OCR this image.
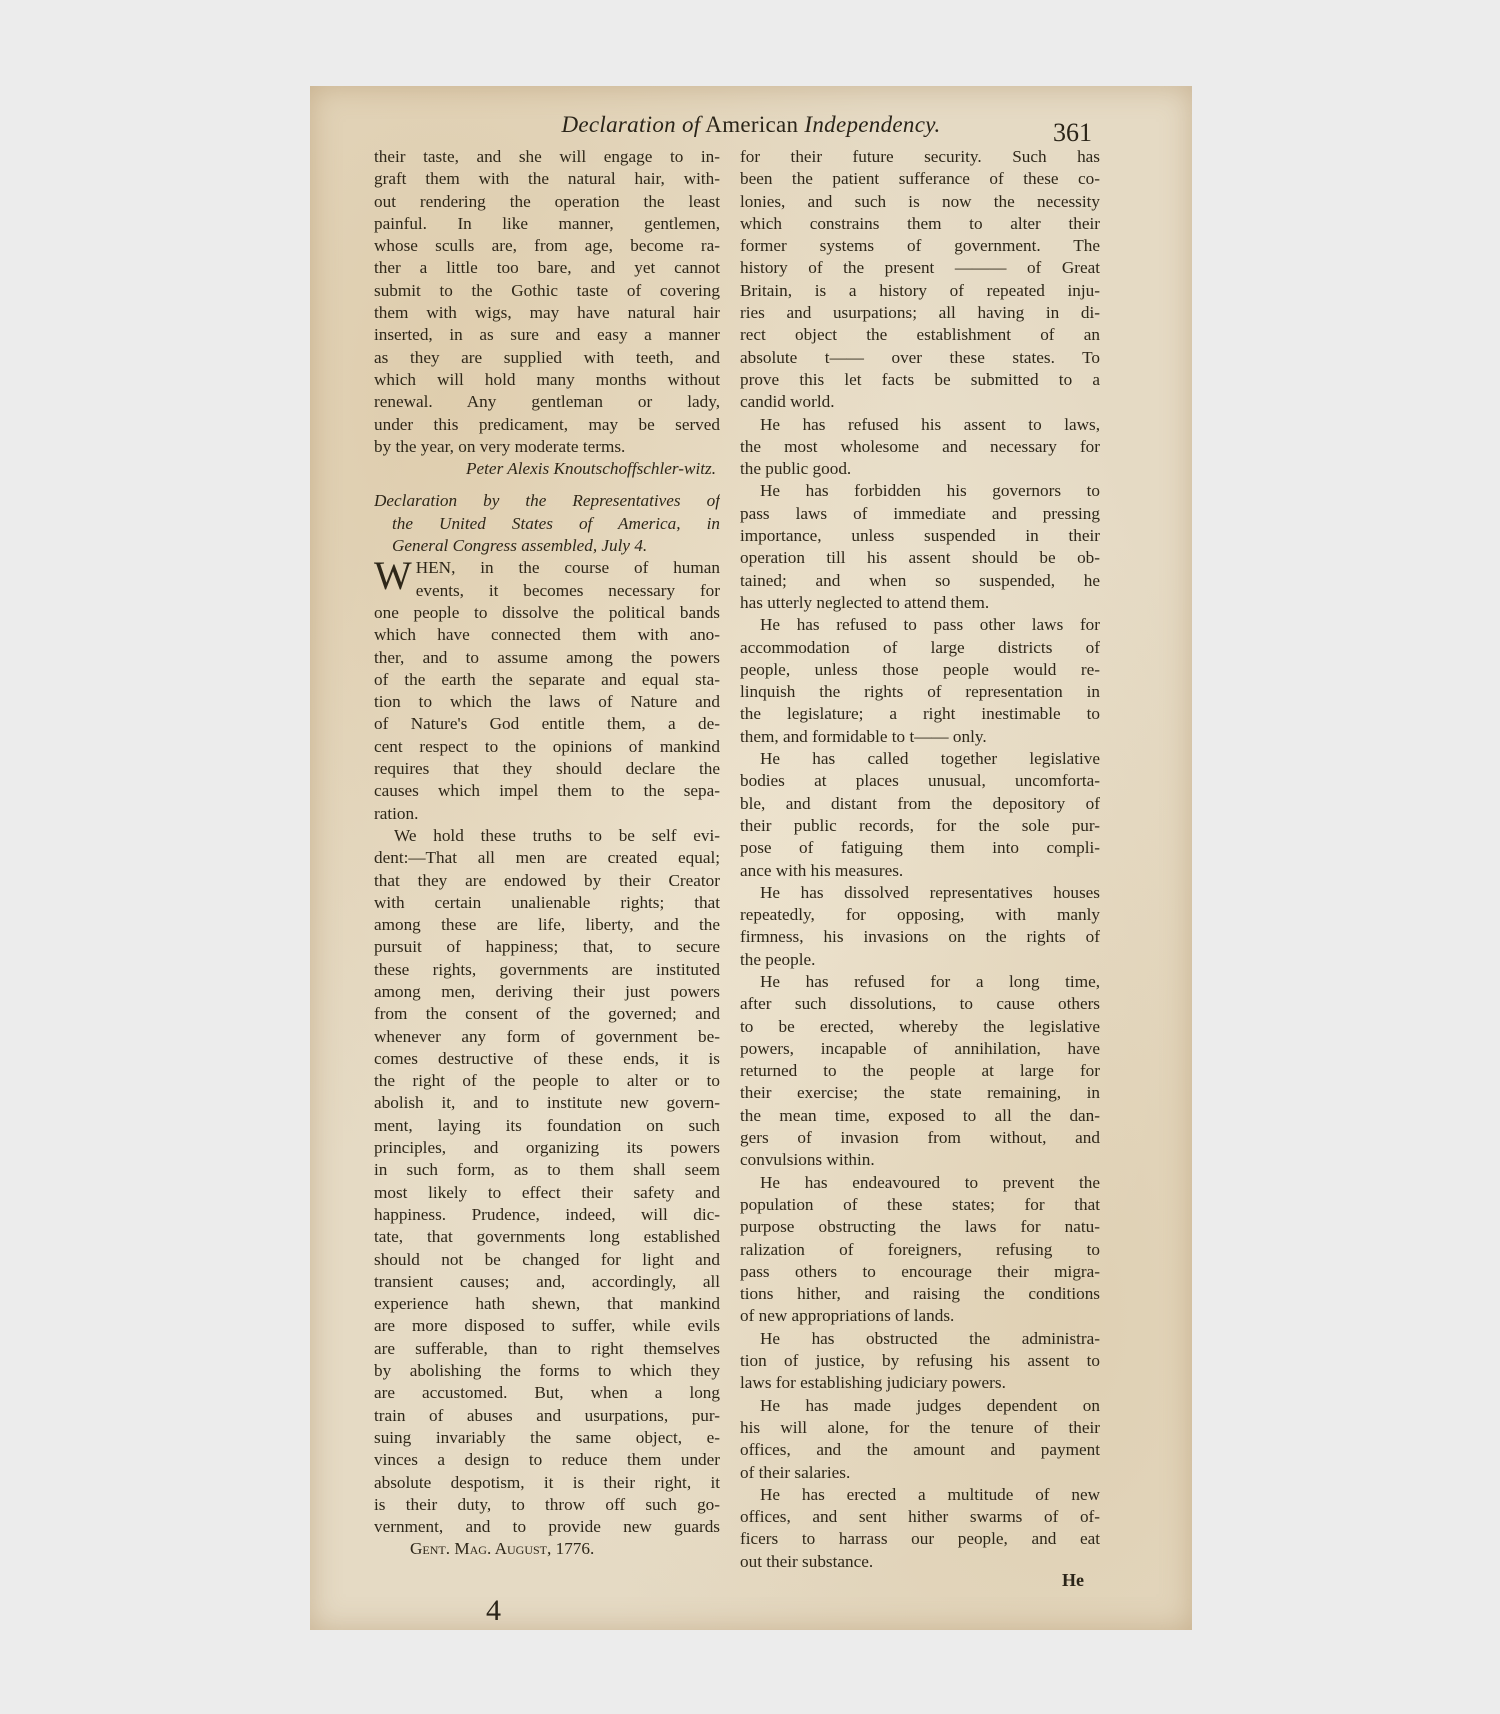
Declaration of American Independency.	361
their taste, and she will engage to in-
graft them with the natural hair, with-
out rendering the operation the least
painful. In like manner, gentlemen,
whose sculls are, from age, become ra-
ther a little too bare, and yet cannot
submit to the Gothic taste of covering
them with wigs, may have natural hair
inserted, in as sure and easy a manner
as they are supplied with teeth, and
which will hold many months without
renewal. Any gentleman or lady,
under this predicament, may be served
by the year, on very moderate terms.
Peter Alexis Knoutschoffschler-witz.
Declaration by the Representatives of
the United States of America, in
General Congress assembled, July 4.
W HEN, in the course of human
events, it becomes necessary for
one people to dissolve the political bands
which have connected them with ano-
ther, and to assume among the powers
of the earth the separate and equal sta-
tion to which the laws of Nature and
of Nature's God entitle them, a de-
cent respect to the opinions of mankind
requires that they should declare the
causes which impel them to the sepa-
ration.
We hold these truths to be self evi-
dent:—That all men are created equal;
that they are endowed by their Creator
with certain unalienable rights; that
among these are life, liberty, and the
pursuit of happiness; that, to secure
these rights, governments are instituted
among men, deriving their just powers
from the consent of the governed; and
whenever any form of government be-
comes destructive of these ends, it is
the right of the people to alter or to
abolish it, and to institute new govern-
ment, laying its foundation on such
principles, and organizing its powers
in such form, as to them shall seem
most likely to effect their safety and
happiness. Prudence, indeed, will dic-
tate, that governments long established
should not be changed for light and
transient causes; and, accordingly, all
experience hath shewn, that mankind
are more disposed to suffer, while evils
are sufferable, than to right themselves
by abolishing the forms to which they
are accustomed. But, when a long
train of abuses and usurpations, pur-
suing invariably the same object, e-
vinces a design to reduce them under
absolute despotism, it is their right, it
is their duty, to throw off such go-
vernment, and to provide new guards
Gent. Mag. August, 1776.
for their future security. Such has
been the patient sufferance of these co-
lonies, and such is now the necessity
which constrains them to alter their
former systems of government. The
history of the present ——— of Great
Britain, is a history of repeated inju-
ries and usurpations; all having in di-
rect object the establishment of an
absolute t—— over these states. To
prove this let facts be submitted to a
candid world.
He has refused his assent to laws,
the most wholesome and necessary for
the public good.
He has forbidden his governors to
pass laws of immediate and pressing
importance, unless suspended in their
operation till his assent should be ob-
tained; and when so suspended, he
has utterly neglected to attend them.
He has refused to pass other laws for
accommodation of large districts of
people, unless those people would re-
linquish the rights of representation in
the legislature; a right inestimable to
them, and formidable to t—— only.
He has called together legislative
bodies at places unusual, uncomforta-
ble, and distant from the depository of
their public records, for the sole pur-
pose of fatiguing them into compli-
ance with his measures.
He has dissolved representatives houses
repeatedly, for opposing, with manly
firmness, his invasions on the rights of
the people.
He has refused for a long time,
after such dissolutions, to cause others
to be erected, whereby the legislative
powers, incapable of annihilation, have
returned to the people at large for
their exercise; the state remaining, in
the mean time, exposed to all the dan-
gers of invasion from without, and
convulsions within.
He has endeavoured to prevent the
population of these states; for that
purpose obstructing the laws for natu-
ralization of foreigners, refusing to
pass others to encourage their migra-
tions hither, and raising the conditions
of new appropriations of lands.
He has obstructed the administra-
tion of justice, by refusing his assent to
laws for establishing judiciary powers.
He has made judges dependent on
his will alone, for the tenure of their
offices, and the amount and payment
of their salaries.
He has erected a multitude of new
offices, and sent hither swarms of of-
ficers to harrass our people, and eat
out their substance.
4
He
